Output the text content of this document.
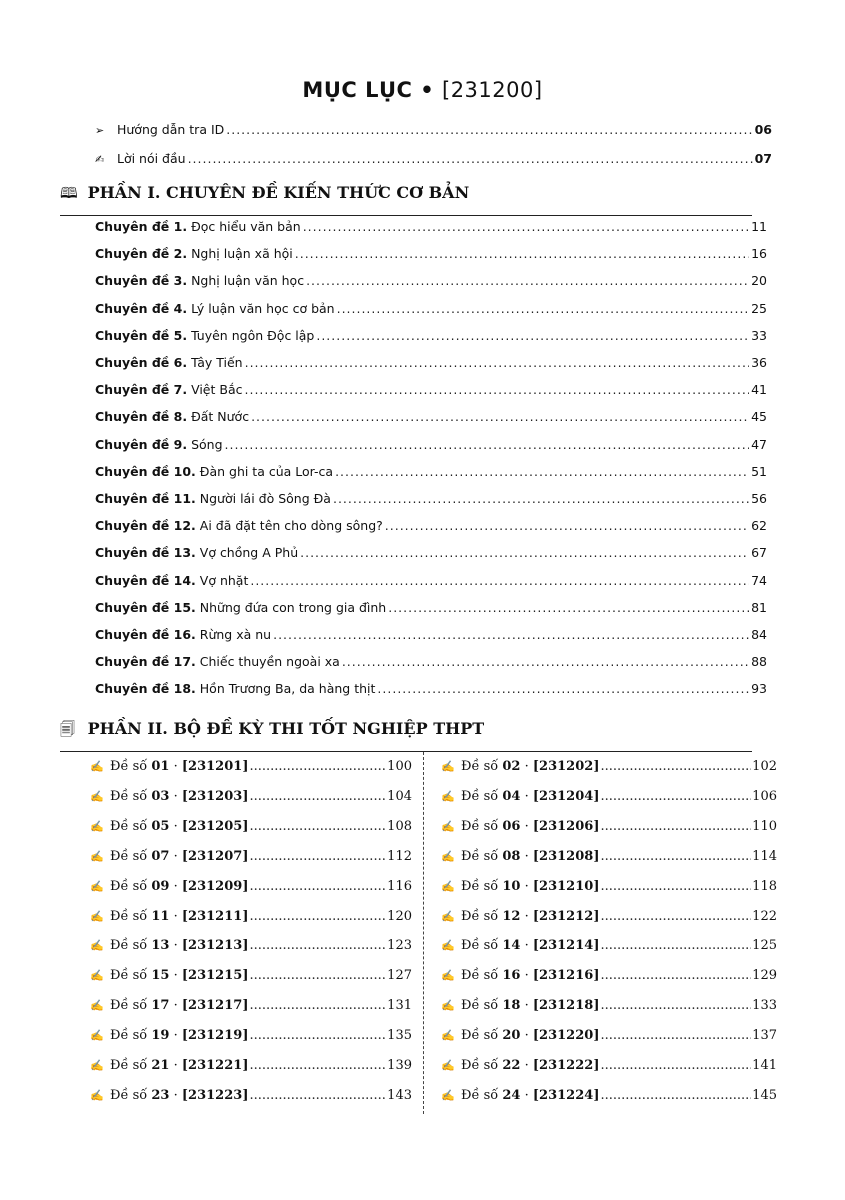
MỤC LỤC • [231200]
➢ Hướng dẫn tra ID .....	06
✍ Lời nói đầu .....	07
🕮 PHẦN I. CHUYÊN ĐỀ KIẾN THỨC CƠ BẢN
Chuyên đề 1. Đọc hiểu văn bản .....	11
Chuyên đề 2. Nghị luận xã hội .....	16
Chuyên đề 3. Nghị luận văn học .....	20
Chuyên đề 4. Lý luận văn học cơ bản .....	25
Chuyên đề 5. Tuyên ngôn Độc lập .....	33
Chuyên đề 6. Tây Tiến .....	36
Chuyên đề 7. Việt Bắc .....	41
Chuyên đề 8. Đất Nước .....	45
Chuyên đề 9. Sóng .....	47
Chuyên đề 10. Đàn ghi ta của Lor-ca .....	51
Chuyên đề 11. Người lái đò Sông Đà .....	56
Chuyên đề 12. Ai đã đặt tên cho dòng sông? .....	62
Chuyên đề 13. Vợ chồng A Phủ .....	67
Chuyên đề 14. Vợ nhặt .....	74
Chuyên đề 15. Những đứa con trong gia đình .....	81
Chuyên đề 16. Rừng xà nu .....	84
Chuyên đề 17. Chiếc thuyền ngoài xa .....	88
Chuyên đề 18. Hồn Trương Ba, da hàng thịt .....	93
🗐 PHẦN II. BỘ ĐỀ KỲ THI TỐT NGHIỆP THPT
✍ Đề số 01 · [231201] .....	100
✍ Đề số 03 · [231203] .....	104
✍ Đề số 05 · [231205] .....	108
✍ Đề số 07 · [231207] .....	112
✍ Đề số 09 · [231209] .....	116
✍ Đề số 11 · [231211] .....	120
✍ Đề số 13 · [231213] .....	123
✍ Đề số 15 · [231215] .....	127
✍ Đề số 17 · [231217] .....	131
✍ Đề số 19 · [231219] .....	135
✍ Đề số 21 · [231221] .....	139
✍ Đề số 23 · [231223] .....	143
✍ Đề số 02 · [231202] .....	102
✍ Đề số 04 · [231204] .....	106
✍ Đề số 06 · [231206] .....	110
✍ Đề số 08 · [231208] .....	114
✍ Đề số 10 · [231210] .....	118
✍ Đề số 12 · [231212] .....	122
✍ Đề số 14 · [231214] .....	125
✍ Đề số 16 · [231216] .....	129
✍ Đề số 18 · [231218] .....	133
✍ Đề số 20 · [231220] .....	137
✍ Đề số 22 · [231222] .....	141
✍ Đề số 24 · [231224] .....	145
